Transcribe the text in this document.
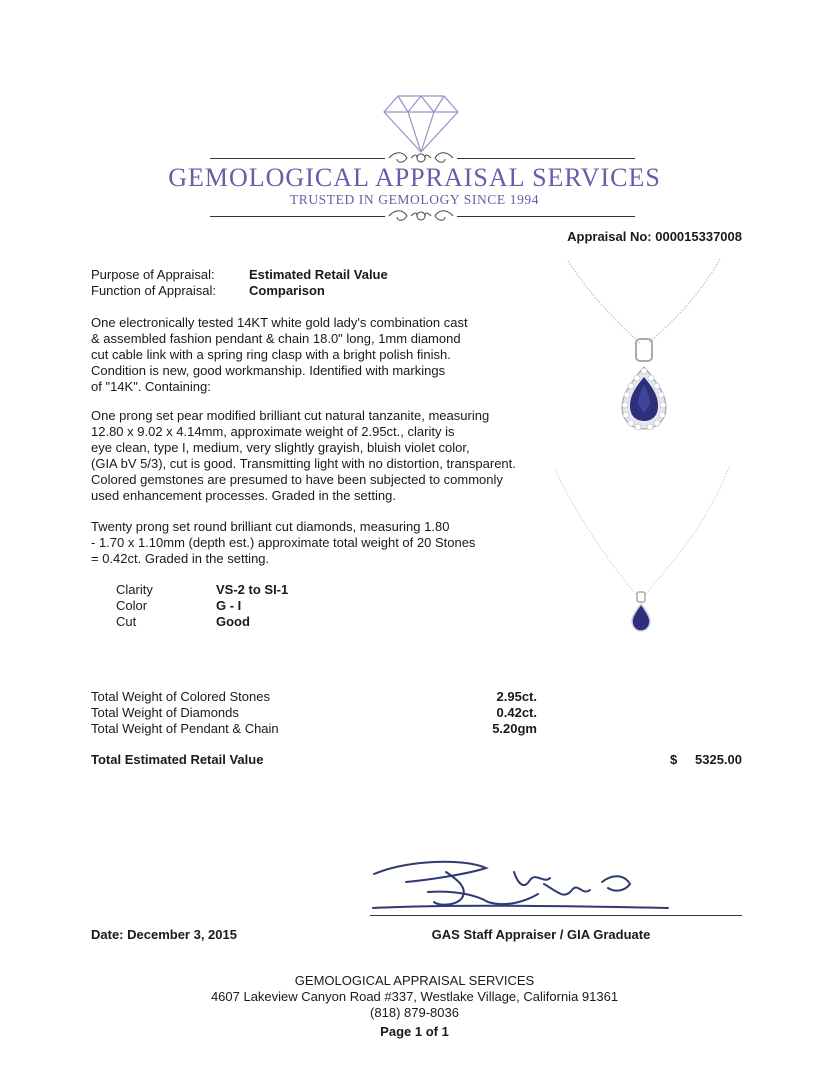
GEMOLOGICAL APPRAISAL SERVICES
TRUSTED IN GEMOLOGY SINCE 1994
Appraisal No: 000015337008
Purpose of Appraisal:	Estimated Retail Value
Function of Appraisal:	Comparison
One electronically tested 14KT white gold lady's combination cast
& assembled fashion pendant & chain 18.0" long, 1mm diamond
cut cable link with a spring ring clasp with a bright polish finish.
Condition is new, good workmanship. Identified with markings
of "14K". Containing:
One prong set pear modified brilliant cut natural tanzanite, measuring
12.80 x 9.02 x 4.14mm, approximate weight of 2.95ct., clarity is
eye clean, type I, medium, very slightly grayish, bluish violet color,
(GIA bV 5/3), cut is good. Transmitting light with no distortion, transparent.
Colored gemstones are presumed to have been subjected to commonly
used enhancement processes. Graded in the setting.
Twenty prong set round brilliant cut diamonds, measuring 1.80
- 1.70 x 1.10mm (depth est.) approximate total weight of 20 Stones
= 0.42ct. Graded in the setting.
Clarity	VS-2 to SI-1
Color	G - I
Cut	Good
Total Weight of Colored Stones	2.95ct.
Total Weight of Diamonds	0.42ct.
Total Weight of Pendant & Chain	5.20gm
Total Estimated Retail Value	$	5325.00
Date: December 3, 2015	GAS Staff Appraiser / GIA Graduate
GEMOLOGICAL APPRAISAL SERVICES
4607 Lakeview Canyon Road #337, Westlake Village, California 91361
(818) 879-8036
Page 1 of 1
